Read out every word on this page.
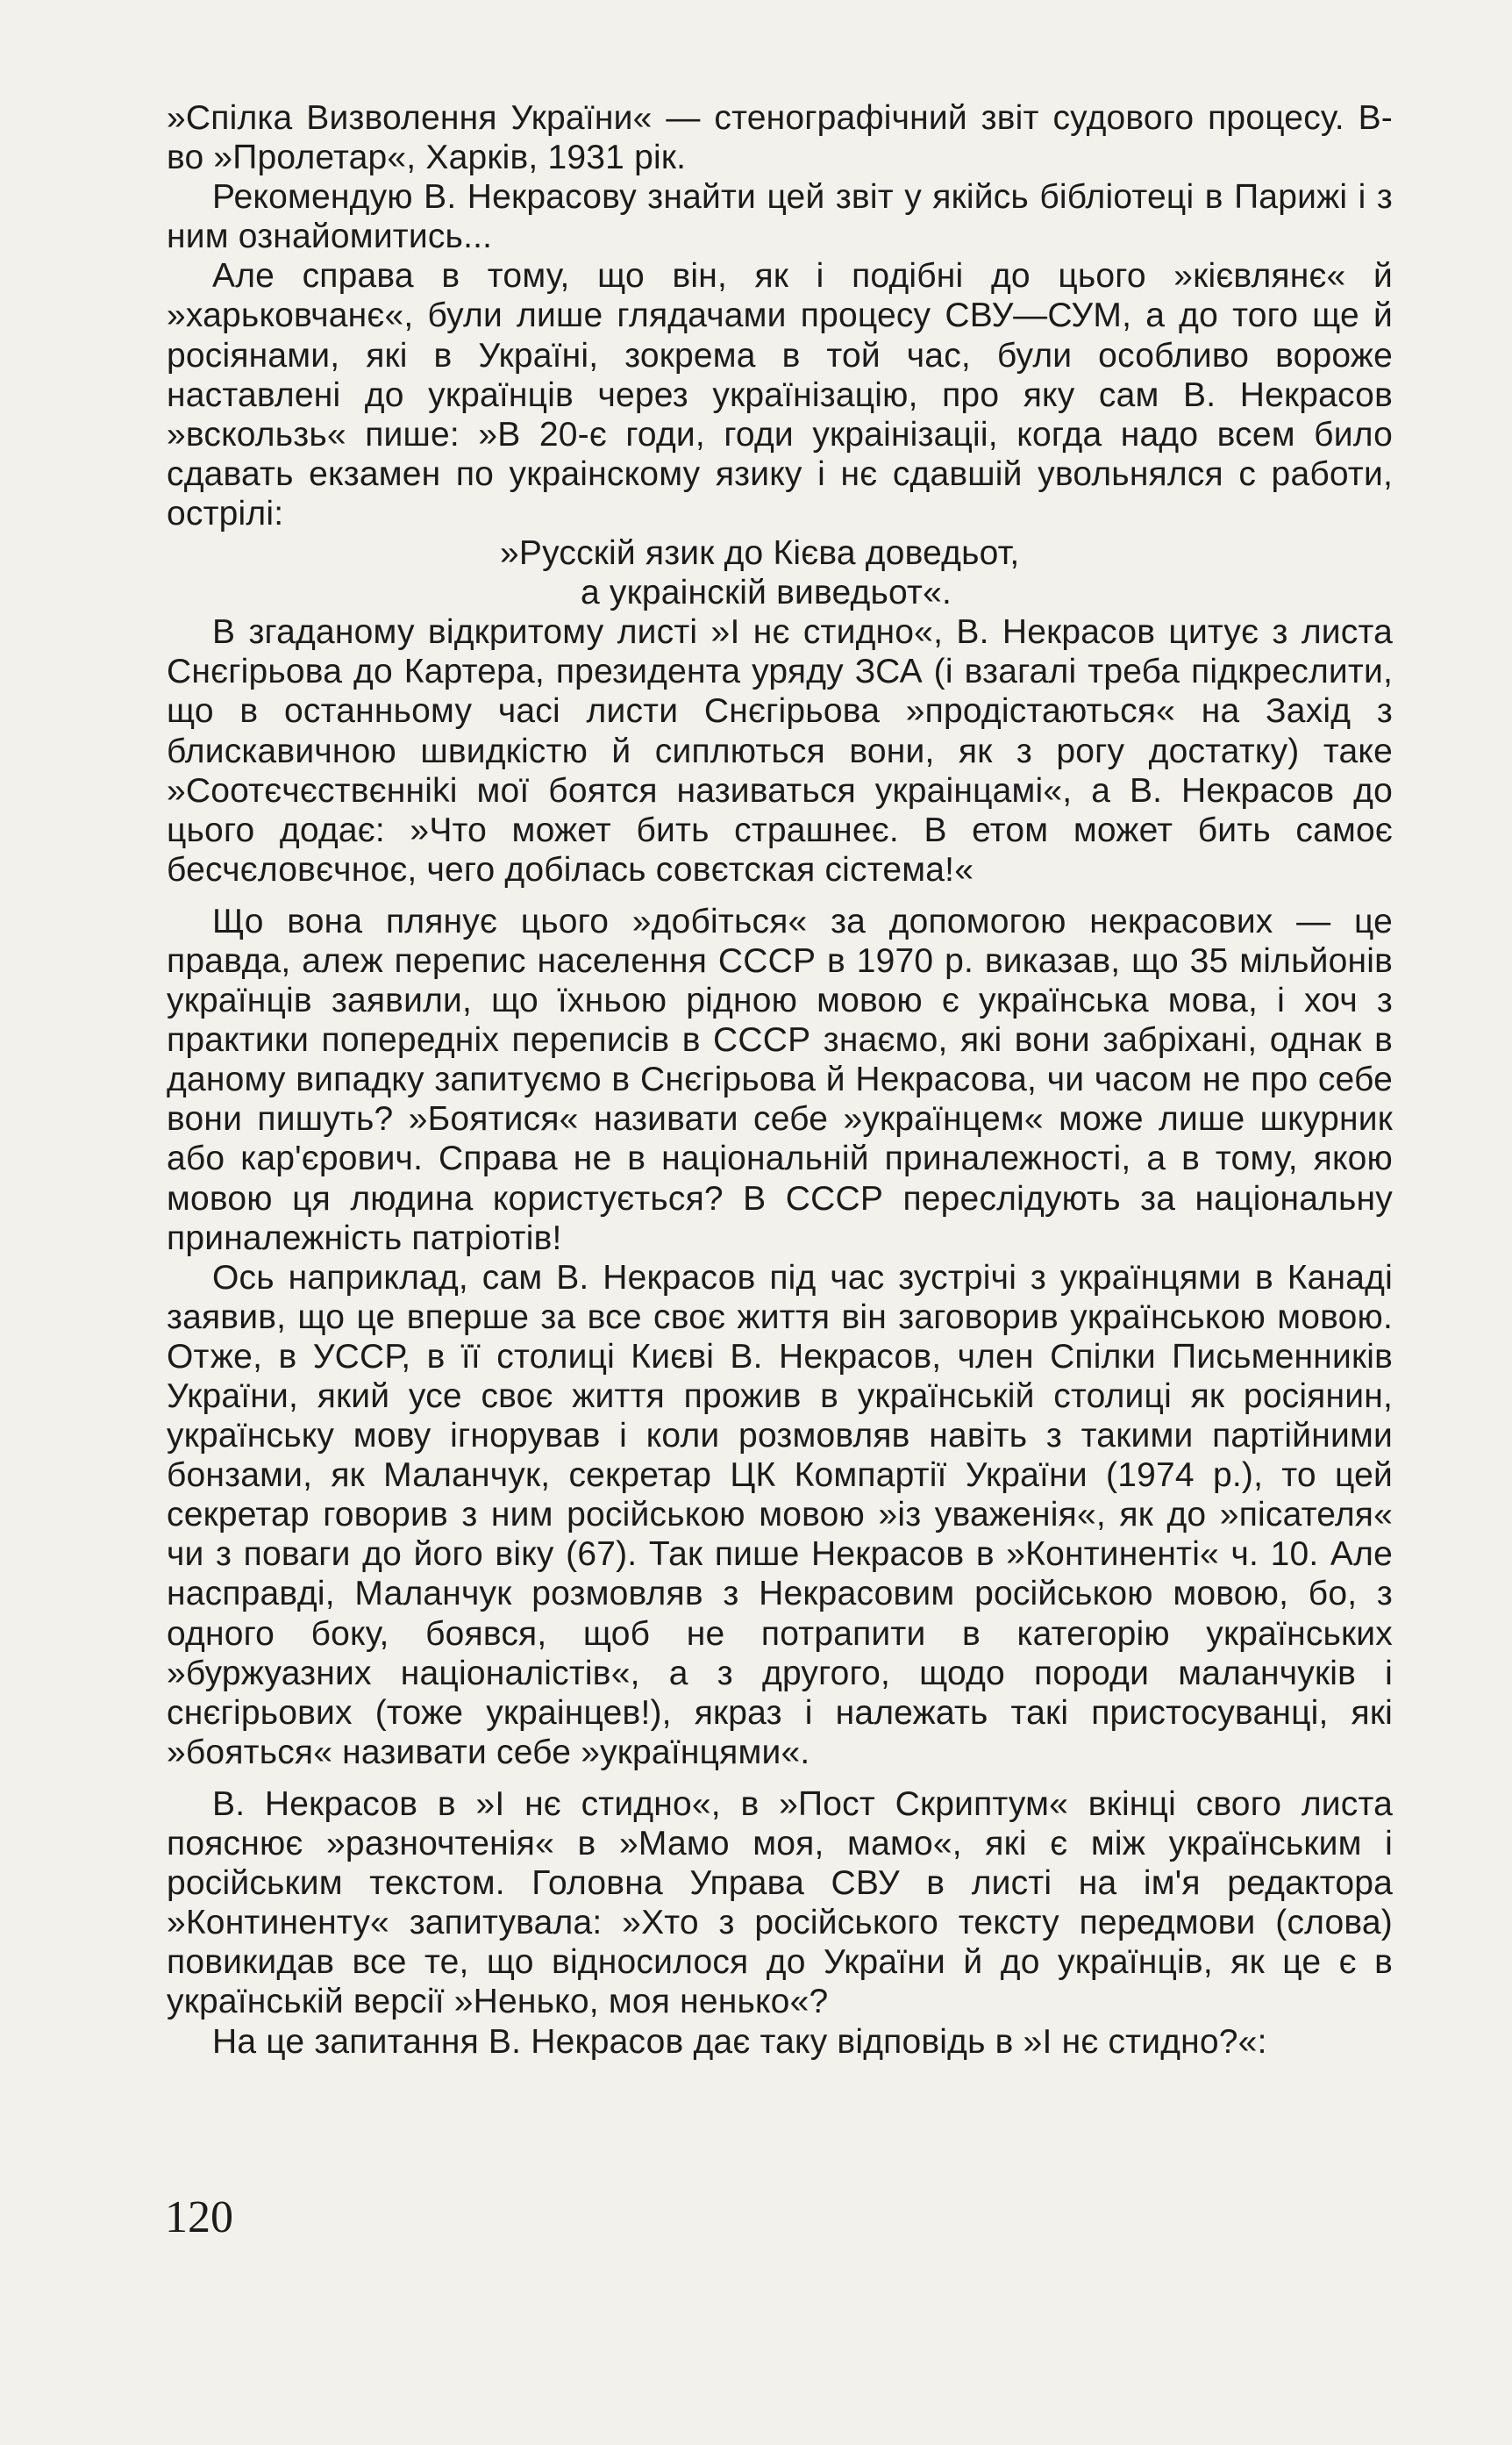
»Спілка Визволення України« — стенографічний звіт судового процесу. В-во »Пролетар«, Харків, 1931 рік.

Рекомендую В. Некрасову знайти цей звіт у якійсь бібліотеці в Парижі і з ним ознайомитись...

Але справа в тому, що він, як і подібні до цього »кієвлянє« й »харьковчанє«, були лише глядачами процесу СВУ—СУМ, а до того ще й росіянами, які в Україні, зокрема в той час, були особливо вороже наставлені до українців через українізацію, про яку сам В. Некрасов »вскользь« пише: »В 20-є годи, годи украінізаціі, когда надо всем било сдавать екзамен по украінскому язику і нє сдавшій увольнялся с работи, острілі:

»Русскій язик до Кієва доведьот,
а украінскій виведьот«.

В згаданому відкритому листі »І нє стидно«, В. Некрасов цитує з листа Снєгірьова до Картера, президента уряду ЗСА (і взагалі треба підкреслити, що в останньому часі листи Снєгірьова »продістаються« на Захід з блискавичною швидкістю й сиплються вони, як з рогу достатку) таке »Соотєчєствєнніkі мої боятся називаться украінцамі«, а В. Некрасов до цього додає: »Что может бить страшнеє. В етом может бить самоє бесчєловєчноє, чего добілась совєтская сістема!«

Що вона плянує цього »добіться« за допомогою некрасових — це правда, алеж перепис населення СССР в 1970 р. виказав, що 35 мільйонів українців заявили, що їхньою рідною мовою є українська мова, і хоч з практики попередніх переписів в СССР знаємо, які вони забріхані, однак в даному випадку запитуємо в Снєгірьова й Некрасова, чи часом не про себе вони пишуть? »Боятися« називати себе »українцем« може лише шкурник або кар'єрович. Справа не в національній приналежності, а в тому, якою мовою ця людина користується? В СССР переслідують за національну приналежність патріотів!

Ось наприклад, сам В. Некрасов під час зустрічі з українцями в Канаді заявив, що це вперше за все своє життя він заговорив українською мовою. Отже, в УССР, в її столиці Києві В. Некрасов, член Спілки Письменників України, який усе своє життя прожив в українській столиці як росіянин, українську мову ігнорував і коли розмовляв навіть з такими партійними бонзами, як Маланчук, секретар ЦК Компартії України (1974 р.), то цей секретар говорив з ним російською мовою »із уваженія«, як до »пісателя« чи з поваги до його віку (67). Так пише Некрасов в »Континенті« ч. 10. Але насправді, Маланчук розмовляв з Некрасовим російською мовою, бо, з одного боку, боявся, щоб не потрапити в категорію українських »буржуазних націоналістів«, а з другого, щодо породи маланчуків і снєгірьових (тоже украінцев!), якраз і належать такі пристосуванці, які »бояться« називати себе »українцями«.

В. Некрасов в »І нє стидно«, в »Пост Скриптум« вкінці свого листа пояснює »разночтенія« в »Мамо моя, мамо«, які є між українським і російським текстом. Головна Управа СВУ в листі на ім'я редактора »Континенту« запитувала: »Хто з російського тексту передмови (слова) повикидав все те, що відносилося до України й до українців, як це є в українській версії »Ненько, моя ненько«?

На це запитання В. Некрасов дає таку відповідь в »І нє стидно?«:

120
